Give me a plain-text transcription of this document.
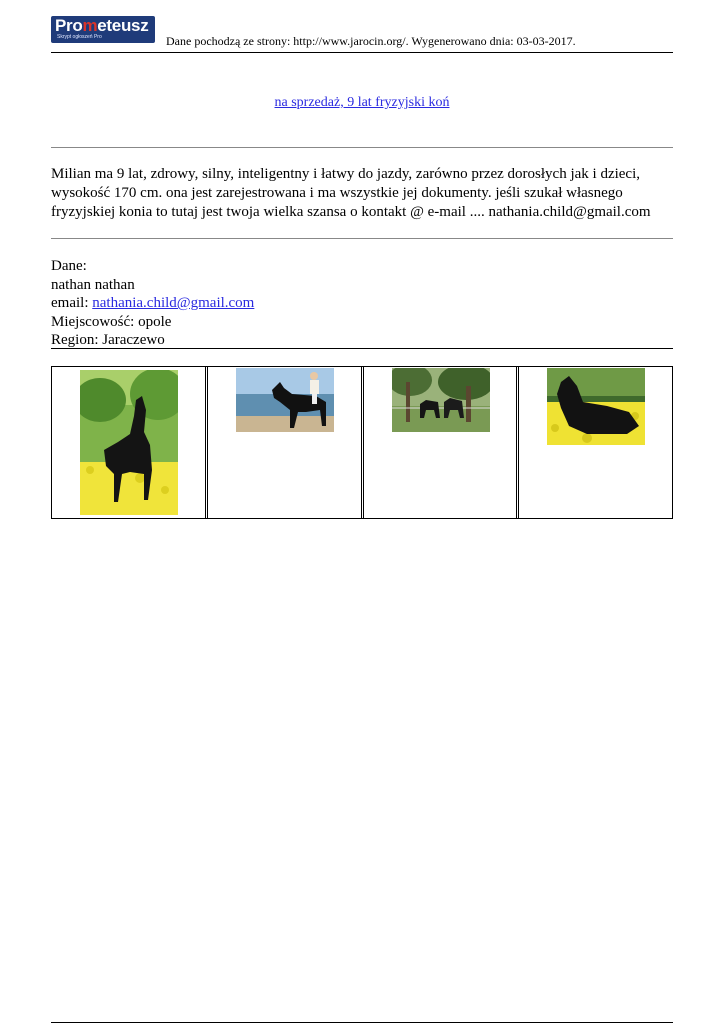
Prometeusz
Skrypt ogłoszeń Pro	Dane pochodzą ze strony: http://www.jarocin.org/. Wygenerowano dnia: 03-03-2017.
na sprzedaż, 9 lat fryzyjski koń
Milian ma 9 lat, zdrowy, silny, inteligentny i łatwy do jazdy, zarówno przez dorosłych jak i dzieci, wysokość 170 cm. ona jest zarejestrowana i ma wszystkie jej dokumenty. jeśli szukał własnego fryzyjskiej konia to tutaj jest twoja wielka szansa o kontakt @ e-mail .... nathania.child@gmail.com
Dane:
nathan nathan
email: nathania.child@gmail.com
Miejscowość: opole
Region: Jaraczewo
